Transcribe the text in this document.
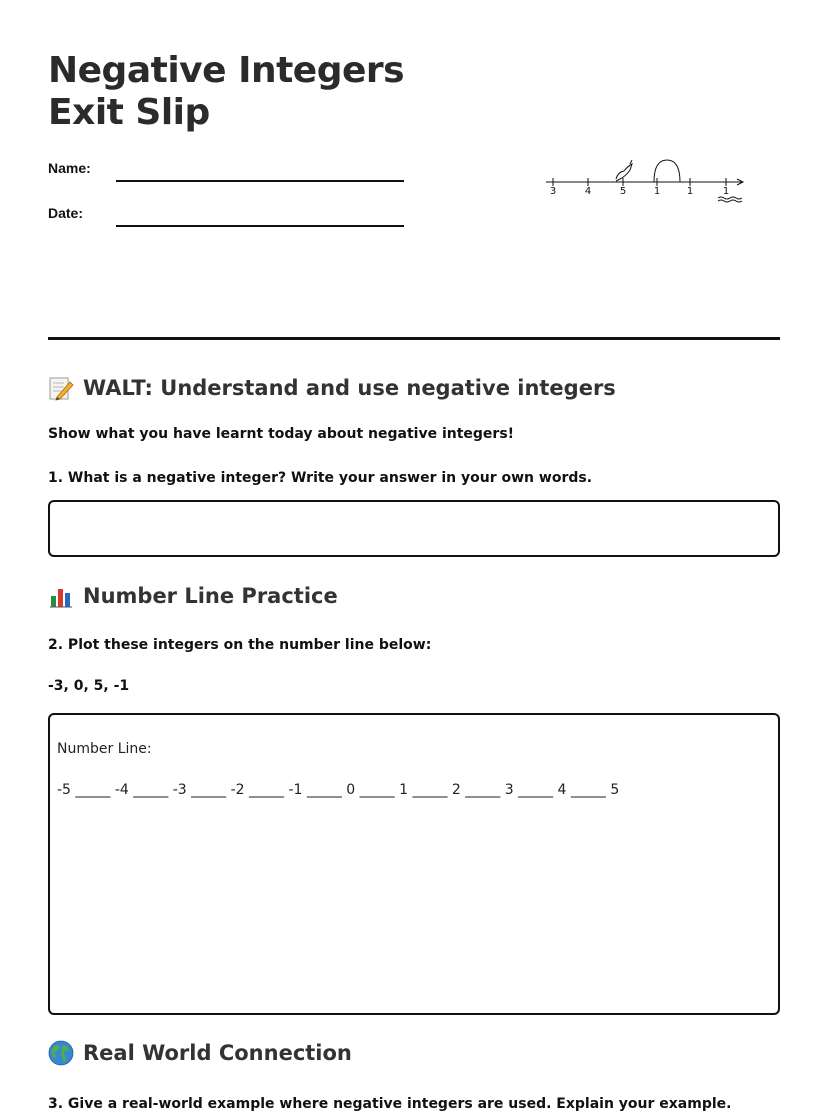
Negative Integers Exit Slip
Name:
Date:
3	4	5	1	1	1
WALT: Understand and use negative integers
Show what you have learnt today about negative integers!
1. What is a negative integer? Write your answer in your own words.
Number Line Practice
2. Plot these integers on the number line below:
-3, 0, 5, -1
Number Line:
-5 _____ -4 _____ -3 _____ -2 _____ -1 _____ 0 _____ 1 _____ 2 _____ 3 _____ 4 _____ 5
Real World Connection
3. Give a real-world example where negative integers are used. Explain your example.
